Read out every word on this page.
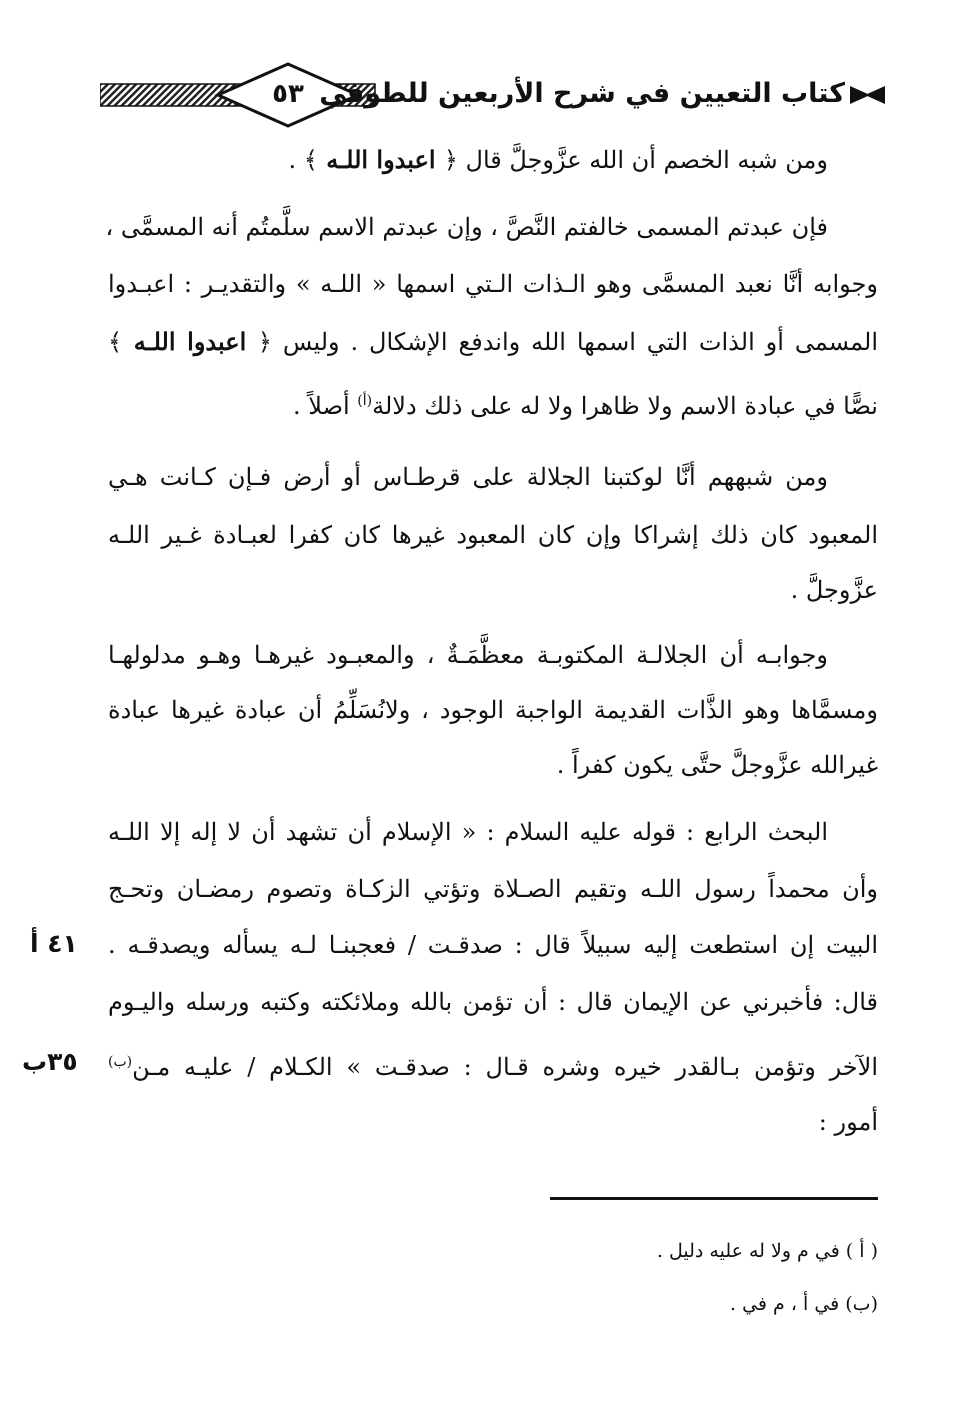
٥٣ كتاب التعيين في شرح الأربعين للطوفي
ومن شبه الخصم أن الله عزَّوجلَّ قال ﴿ اعبدوا اللـه ﴾ .
فإن عبدتم المسمى خالفتم النَّصَّ ، وإن عبدتم الاسم سلَّمتُم أنه المسمَّى ،
وجوابه أنَّا نعبد المسمَّى وهو الـذات الـتي اسمها « اللـه » والتقديـر : اعبـدوا
المسمى أو الذات التي اسمها الله واندفع الإشكال . وليس ﴿ اعبدوا اللـه ﴾
نصًّا في عبادة الاسم ولا ظاهرا ولا له على ذلك دلالة$^{(أ)}$ أصلاً .
ومن شبههم أنَّا لوكتبنا الجلالة على قرطـاس أو أرض فـإن كـانت هـي
المعبود كان ذلك إشراكا وإن كان المعبود غيرها كان كفرا لعبـادة غـير اللـه
عزَّوجلَّ .
وجوابـه أن الجلالـة المكتوبـة معظَّمَـةٌ ، والمعبـود غيرهـا وهـو مدلولهـا
ومسمَّاها وهو الذَّات القديمة الواجبة الوجود ، ولانُسَلِّمُ أن عبادة غيرها عبادة
غيرالله عزَّوجلَّ حتَّى يكون كفراً .
البحث الرابع : قوله عليه السلام : « الإسلام أن تشهد أن لا إله إلا اللـه
وأن محمداً رسول اللـه وتقيم الصـلاة وتؤتي الزكـاة وتصوم رمضـان وتحـج
البيت إن استطعت إليه سبيلاً قال : صدقـت / فعجبنـا لـه يسأله ويصدقـه .
قال: فأخبرني عن الإيمان قال : أن تؤمن بالله وملائكته وكتبه ورسله واليـوم
الآخر وتؤمن بـالقدر خيره وشره قـال : صدقـت » الكـلام / عليـه مـن$^{(ب)}$
أمور :
٤١ أ
٣٥ب
( أ ) في م ولا له عليه دليل .
(ب) في أ ، م في .
